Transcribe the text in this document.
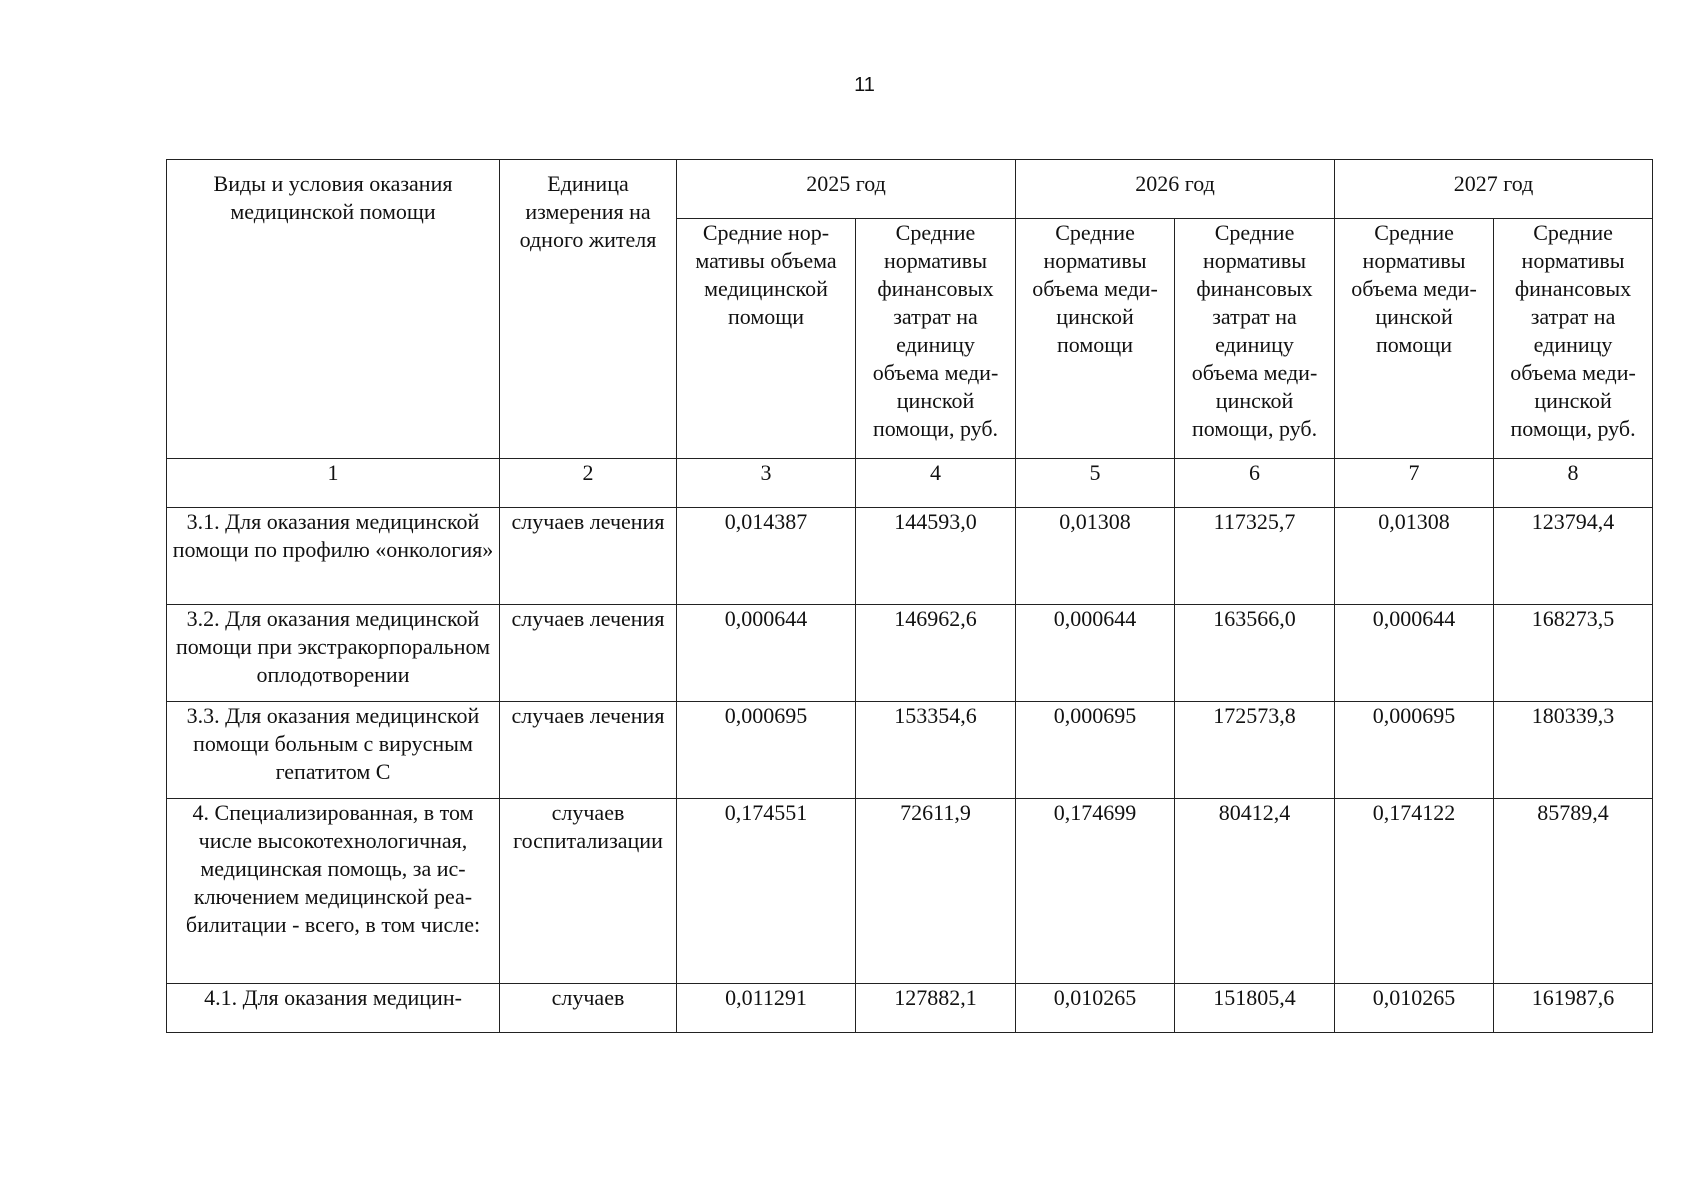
11
Виды и условия оказания медицинской помощи	Единица измерения на одного жителя	2025 год		2026 год		2027 год	
		Средние нормативы объема медицинской помощи	Средние нормативы финансовых затрат на единицу объема медицинской помощи, руб.	Средние нормативы объема медицинской помощи	Средние нормативы финансовых затрат на единицу объема медицинской помощи, руб.	Средние нормативы объема медицинской помощи	Средние нормативы финансовых затрат на единицу объема медицинской помощи, руб.
1	2	3	4	5	6	7	8
3.1. Для оказания медицинской помощи по профилю «онкология»	случаев лечения	0,014387	144593,0	0,01308	117325,7	0,01308	123794,4
3.2. Для оказания медицинской помощи при экстракорпоральном оплодотворении	случаев лечения	0,000644	146962,6	0,000644	163566,0	0,000644	168273,5
3.3. Для оказания медицинской помощи больным с вирусным гепатитом С	случаев лечения	0,000695	153354,6	0,000695	172573,8	0,000695	180339,3
4. Специализированная, в том числе высокотехнологичная, медицинская помощь, за исключением медицинской реабилитации - всего, в том числе:	случаев госпитализации	0,174551	72611,9	0,174699	80412,4	0,174122	85789,4
4.1. Для оказания медицин-	случаев	0,011291	127882,1	0,010265	151805,4	0,010265	161987,6
